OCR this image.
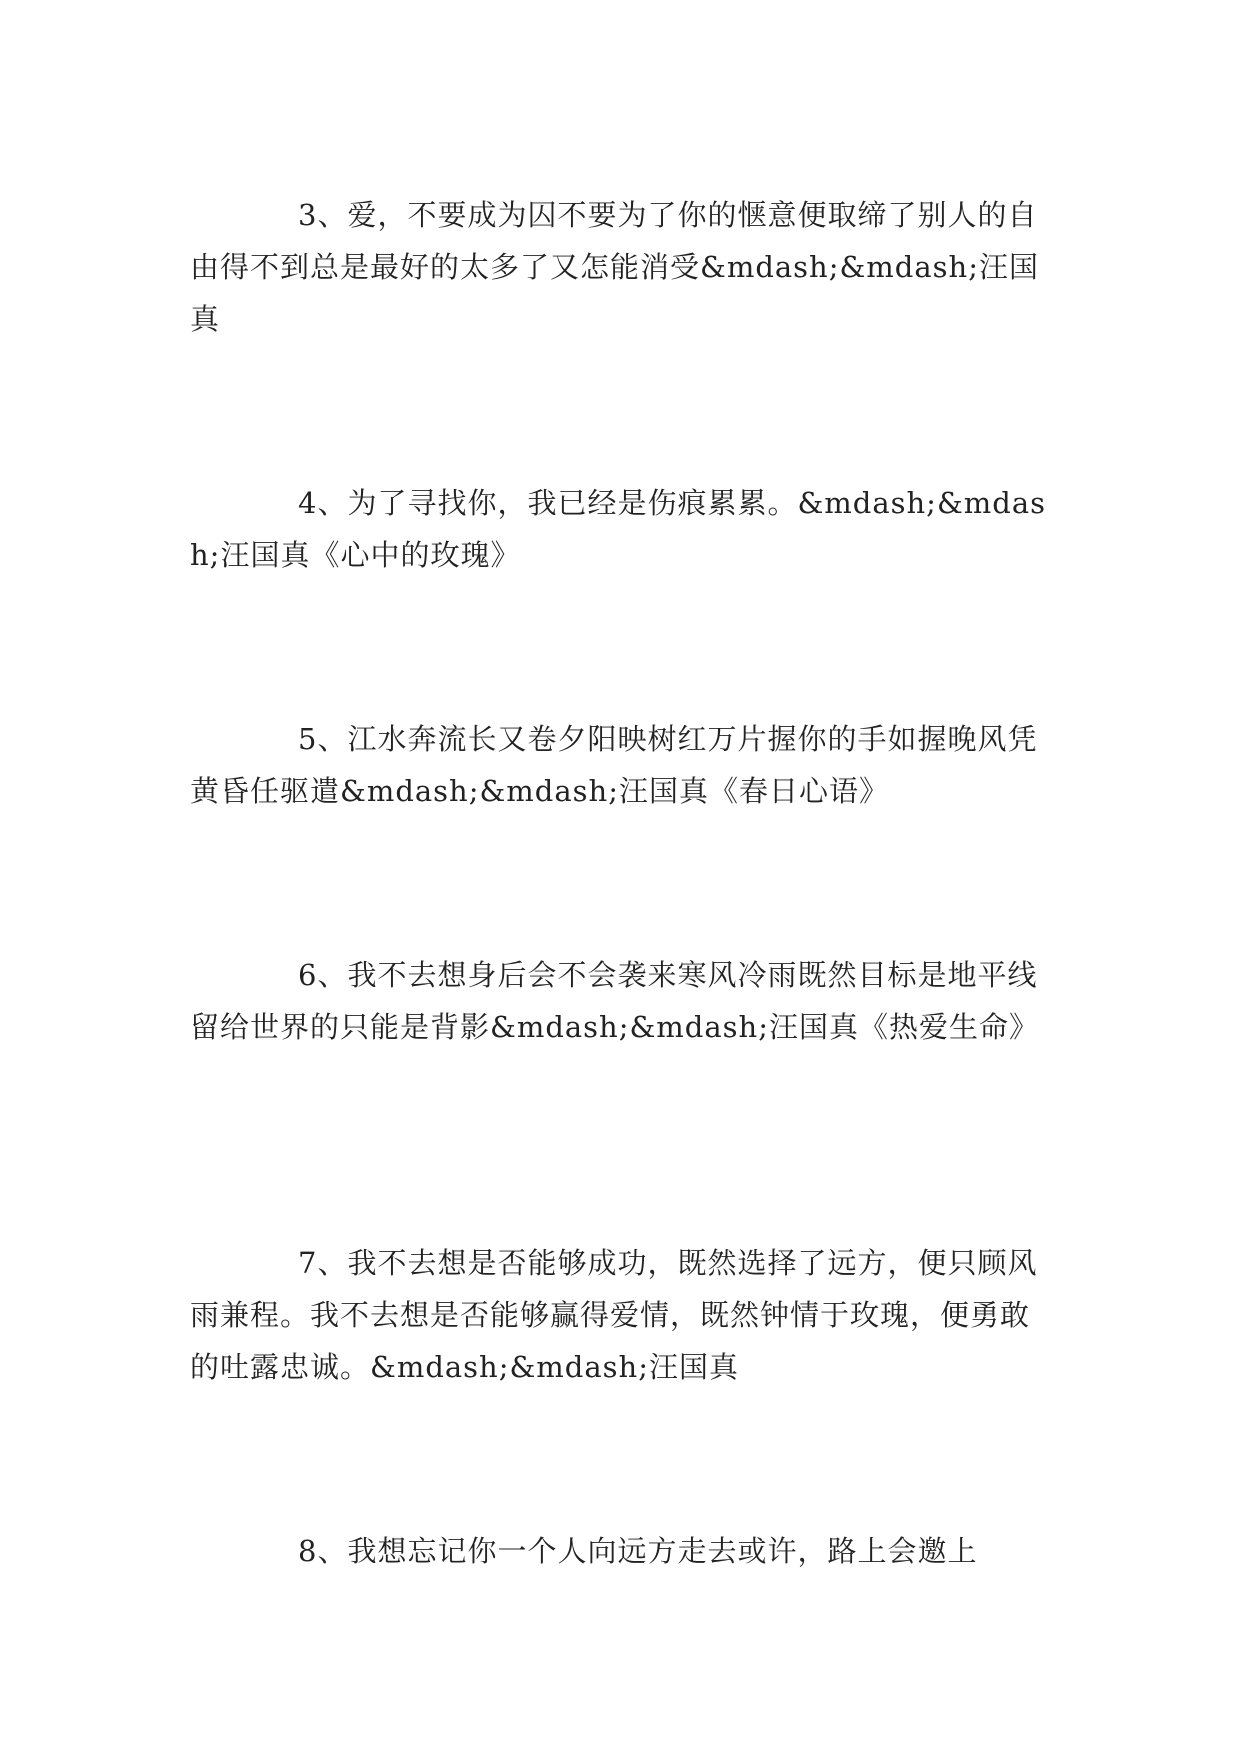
3、爱，不要成为囚不要为了你的惬意便取缔了别人的自由得不到总是最好的太多了又怎能消受&mdash;&mdash;汪国真

4、为了寻找你，我已经是伤痕累累。&mdash;&mdash;汪国真《心中的玫瑰》

5、江水奔流长又卷夕阳映树红万片握你的手如握晚风凭黄昏任驱遣&mdash;&mdash;汪国真《春日心语》

6、我不去想身后会不会袭来寒风冷雨既然目标是地平线留给世界的只能是背影&mdash;&mdash;汪国真《热爱生命》

7、我不去想是否能够成功，既然选择了远方，便只顾风雨兼程。我不去想是否能够赢得爱情，既然钟情于玫瑰，便勇敢的吐露忠诚。&mdash;&mdash;汪国真

8、我想忘记你一个人向远方走去或许，路上会邀上
